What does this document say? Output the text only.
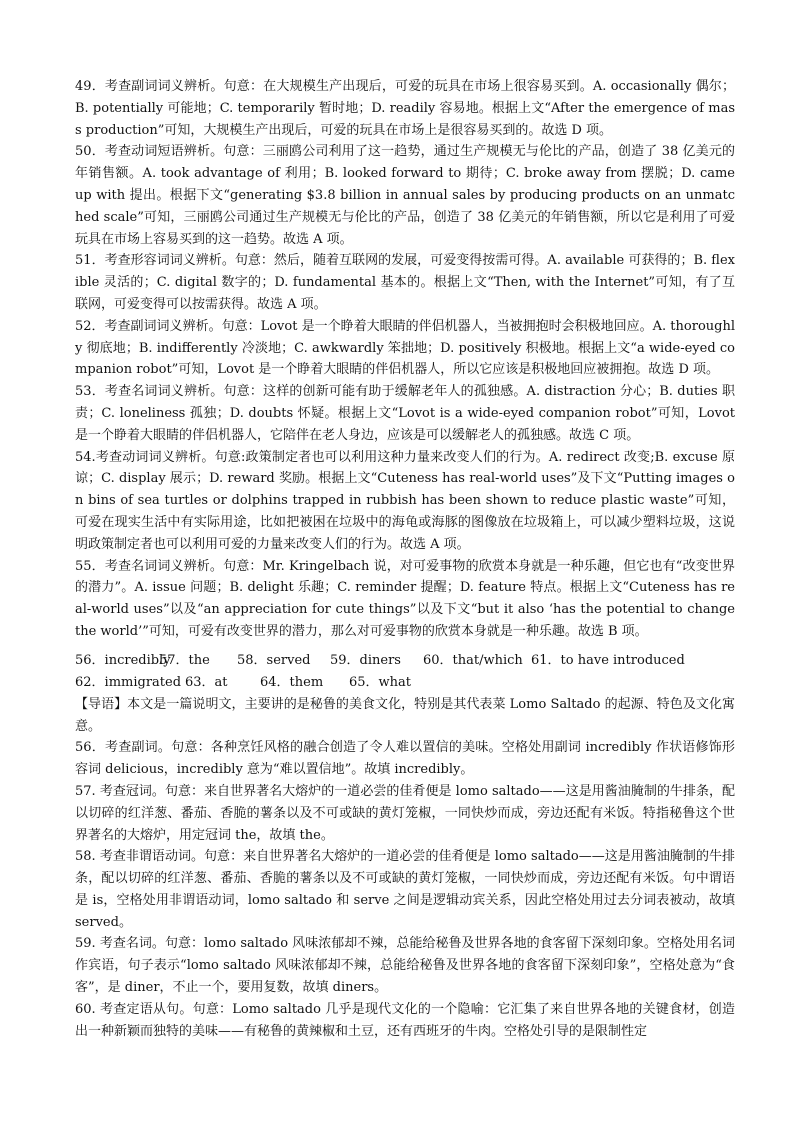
49．考查副词词义辨析。句意：在大规模生产出现后，可爱的玩具在市场上很容易买到。A. occasionally 偶尔；B. potentially 可能地；C. temporarily 暂时地；D. readily 容易地。根据上文“After the emergence of mass production”可知，大规模生产出现后，可爱的玩具在市场上是很容易买到的。故选 D 项。

50．考查动词短语辨析。句意：三丽鸥公司利用了这一趋势，通过生产规模无与伦比的产品，创造了 38 亿美元的年销售额。A. took advantage of 利用；B. looked forward to 期待；C. broke away from 摆脱；D. came up with 提出。根据下文“generating $3.8 billion in annual sales by producing products on an unmatched scale”可知，三丽鸥公司通过生产规模无与伦比的产品，创造了 38 亿美元的年销售额，所以它是利用了可爱玩具在市场上容易买到的这一趋势。故选 A 项。

51．考查形容词词义辨析。句意：然后，随着互联网的发展，可爱变得按需可得。A. available 可获得的；B. flexible 灵活的；C. digital 数字的；D. fundamental 基本的。根据上文“Then, with the Internet”可知，有了互联网，可爱变得可以按需获得。故选 A 项。

52．考查副词词义辨析。句意：Lovot 是一个睁着大眼睛的伴侣机器人，当被拥抱时会积极地回应。A. thoroughly 彻底地；B. indifferently 冷淡地；C. awkwardly 笨拙地；D. positively 积极地。根据上文“a wide-eyed companion robot”可知，Lovot 是一个睁着大眼睛的伴侣机器人，所以它应该是积极地回应被拥抱。故选 D 项。

53．考查名词词义辨析。句意：这样的创新可能有助于缓解老年人的孤独感。A. distraction 分心；B. duties 职责；C. loneliness 孤独；D. doubts 怀疑。根据上文“Lovot is a wide-eyed companion robot”可知，Lovot 是一个睁着大眼睛的伴侣机器人，它陪伴在老人身边，应该是可以缓解老人的孤独感。故选 C 项。

54.考查动词词义辨析。句意:政策制定者也可以利用这种力量来改变人们的行为。A. redirect 改变;B. excuse 原谅；C. display 展示；D. reward 奖励。根据上文“Cuteness has real-world uses”及下文“Putting images on bins of sea turtles or dolphins trapped in rubbish has been shown to reduce plastic waste”可知，可爱在现实生活中有实际用途，比如把被困在垃圾中的海龟或海豚的图像放在垃圾箱上，可以减少塑料垃圾，这说明政策制定者也可以利用可爱的力量来改变人们的行为。故选 A 项。

55．考查名词词义辨析。句意：Mr. Kringelbach 说，对可爱事物的欣赏本身就是一种乐趣，但它也有“改变世界的潜力”。A. issue 问题；B. delight 乐趣；C. reminder 提醒；D. feature 特点。根据上文“Cuteness has real-world uses”以及“an appreciation for cute things”以及下文“but it also ‘has the potential to change the world’”可知，可爱有改变世界的潜力，那么对可爱事物的欣赏本身就是一种乐趣。故选 B 项。

56．incredibly
57．the	58．served	59．diners	60．that/which 61．to have introduced
62．immigrated 63．at	64．them	65．what

【导语】本文是一篇说明文，主要讲的是秘鲁的美食文化，特别是其代表菜 Lomo Saltado 的起源、特色及文化寓意。

56．考查副词。句意：各种烹饪风格的融合创造了令人难以置信的美味。空格处用副词 incredibly 作状语修饰形容词 delicious，incredibly 意为“难以置信地”。故填 incredibly。

57. 考查冠词。句意：来自世界著名大熔炉的一道必尝的佳肴便是 lomo saltado——这是用酱油腌制的牛排条，配以切碎的红洋葱、番茄、香脆的薯条以及不可或缺的黄灯笼椒，一同快炒而成，旁边还配有米饭。特指秘鲁这个世界著名的大熔炉，用定冠词 the，故填 the。

58. 考查非谓语动词。句意：来自世界著名大熔炉的一道必尝的佳肴便是 lomo saltado——这是用酱油腌制的牛排条，配以切碎的红洋葱、番茄、香脆的薯条以及不可或缺的黄灯笼椒，一同快炒而成，旁边还配有米饭。句中谓语是 is，空格处用非谓语动词，lomo saltado 和 serve 之间是逻辑动宾关系，因此空格处用过去分词表被动，故填 served。

59. 考查名词。句意：lomo saltado 风味浓郁却不辣，总能给秘鲁及世界各地的食客留下深刻印象。空格处用名词作宾语，句子表示“lomo saltado 风味浓郁却不辣，总能给秘鲁及世界各地的食客留下深刻印象”，空格处意为“食客”，是 diner，不止一个，要用复数，故填 diners。

60. 考查定语从句。句意：Lomo saltado 几乎是现代文化的一个隐喻：它汇集了来自世界各地的关键食材，创造出一种新颖而独特的美味——有秘鲁的黄辣椒和土豆，还有西班牙的牛肉。空格处引导的是限制性定
